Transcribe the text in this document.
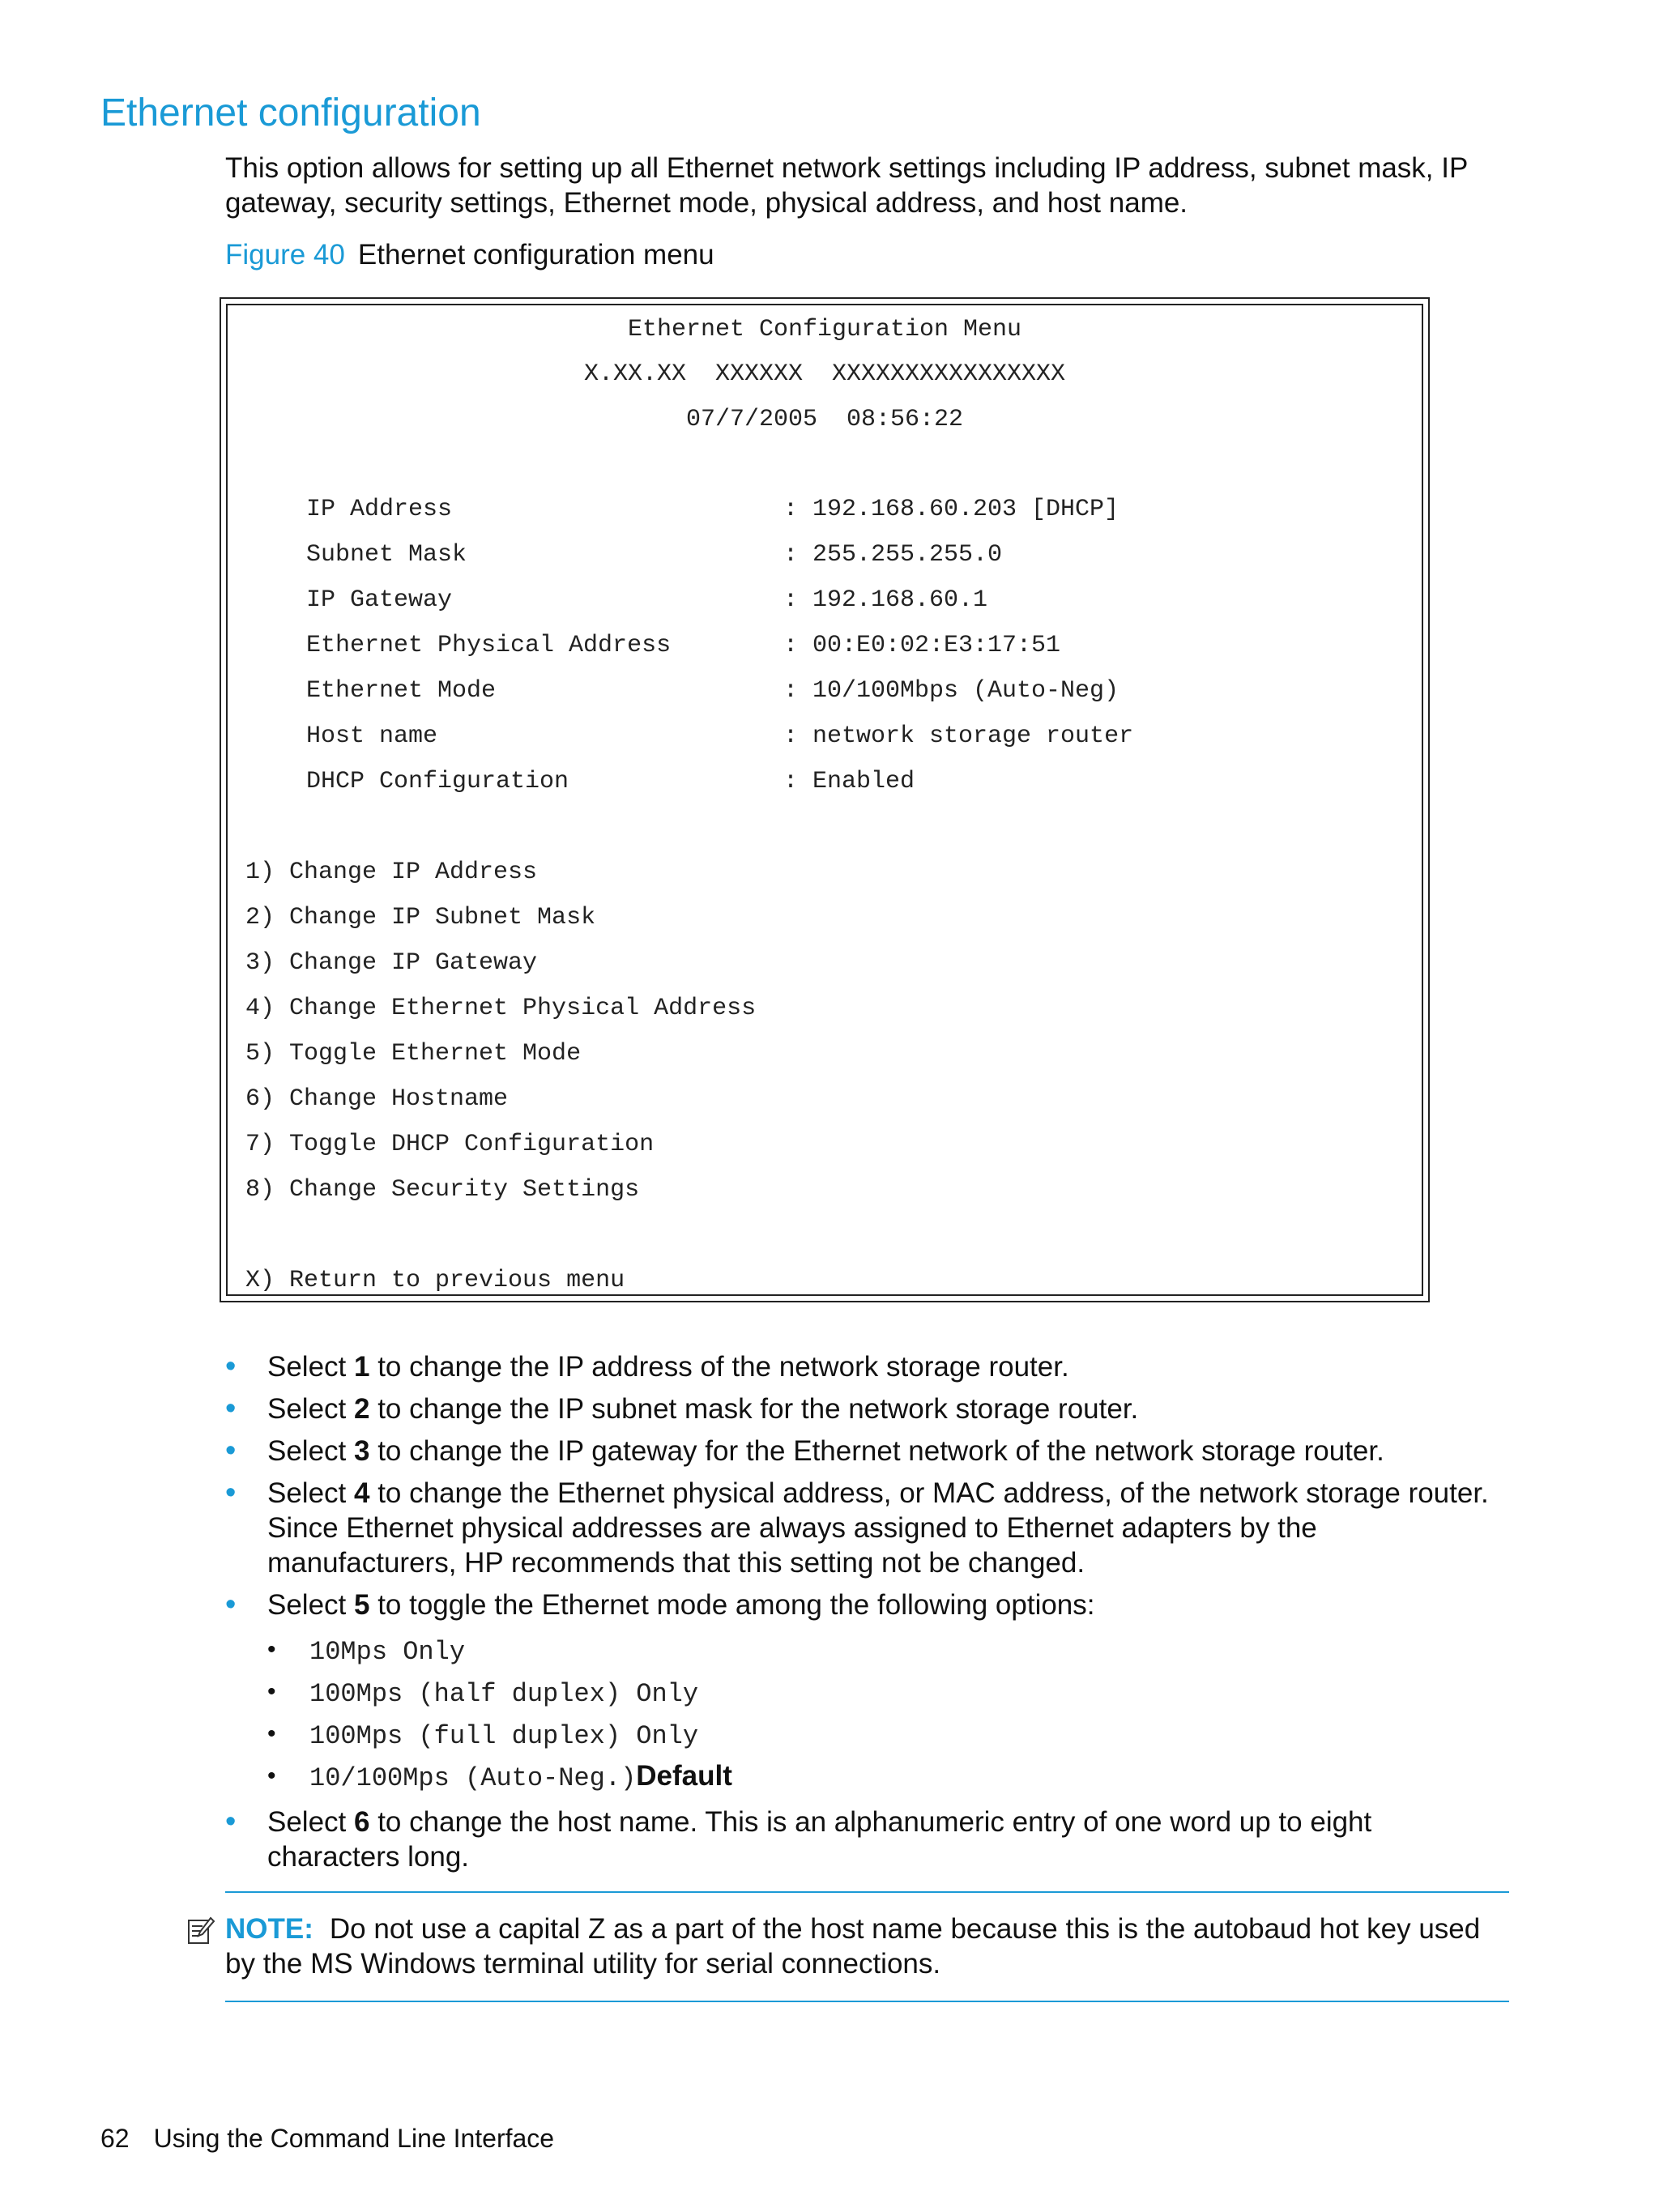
Ethernet configuration

This option allows for setting up all Ethernet network settings including IP address, subnet mask, IP gateway, security settings, Ethernet mode, physical address, and host name.

Figure 40 Ethernet configuration menu
Ethernet Configuration Menu
X.XX.XX  XXXXXX  XXXXXXXXXXXXXXXX
07/7/2005  08:56:22
IP Address	: 192.168.60.203 [DHCP]
Subnet Mask	: 255.255.255.0
IP Gateway	: 192.168.60.1
Ethernet Physical Address	: 00:E0:02:E3:17:51
Ethernet Mode	: 10/100Mbps (Auto-Neg)
Host name	: network storage router
DHCP Configuration	: Enabled
1) Change IP Address
2) Change IP Subnet Mask
3) Change IP Gateway
4) Change Ethernet Physical Address
5) Toggle Ethernet Mode
6) Change Hostname
7) Toggle DHCP Configuration
8) Change Security Settings
X) Return to previous menu
• Select 1 to change the IP address of the network storage router.
• Select 2 to change the IP subnet mask for the network storage router.
• Select 3 to change the IP gateway for the Ethernet network of the network storage router.
• Select 4 to change the Ethernet physical address, or MAC address, of the network storage router. Since Ethernet physical addresses are always assigned to Ethernet adapters by the manufacturers, HP recommends that this setting not be changed.
• Select 5 to toggle the Ethernet mode among the following options:
• 10Mps Only
• 100Mps (half duplex) Only
• 100Mps (full duplex) Only
• 10/100Mps (Auto-Neg.)Default
• Select 6 to change the host name. This is an alphanumeric entry of one word up to eight characters long.
NOTE: Do not use a capital Z as a part of the host name because this is the autobaud hot key used by the MS Windows terminal utility for serial connections.
62 Using the Command Line Interface
